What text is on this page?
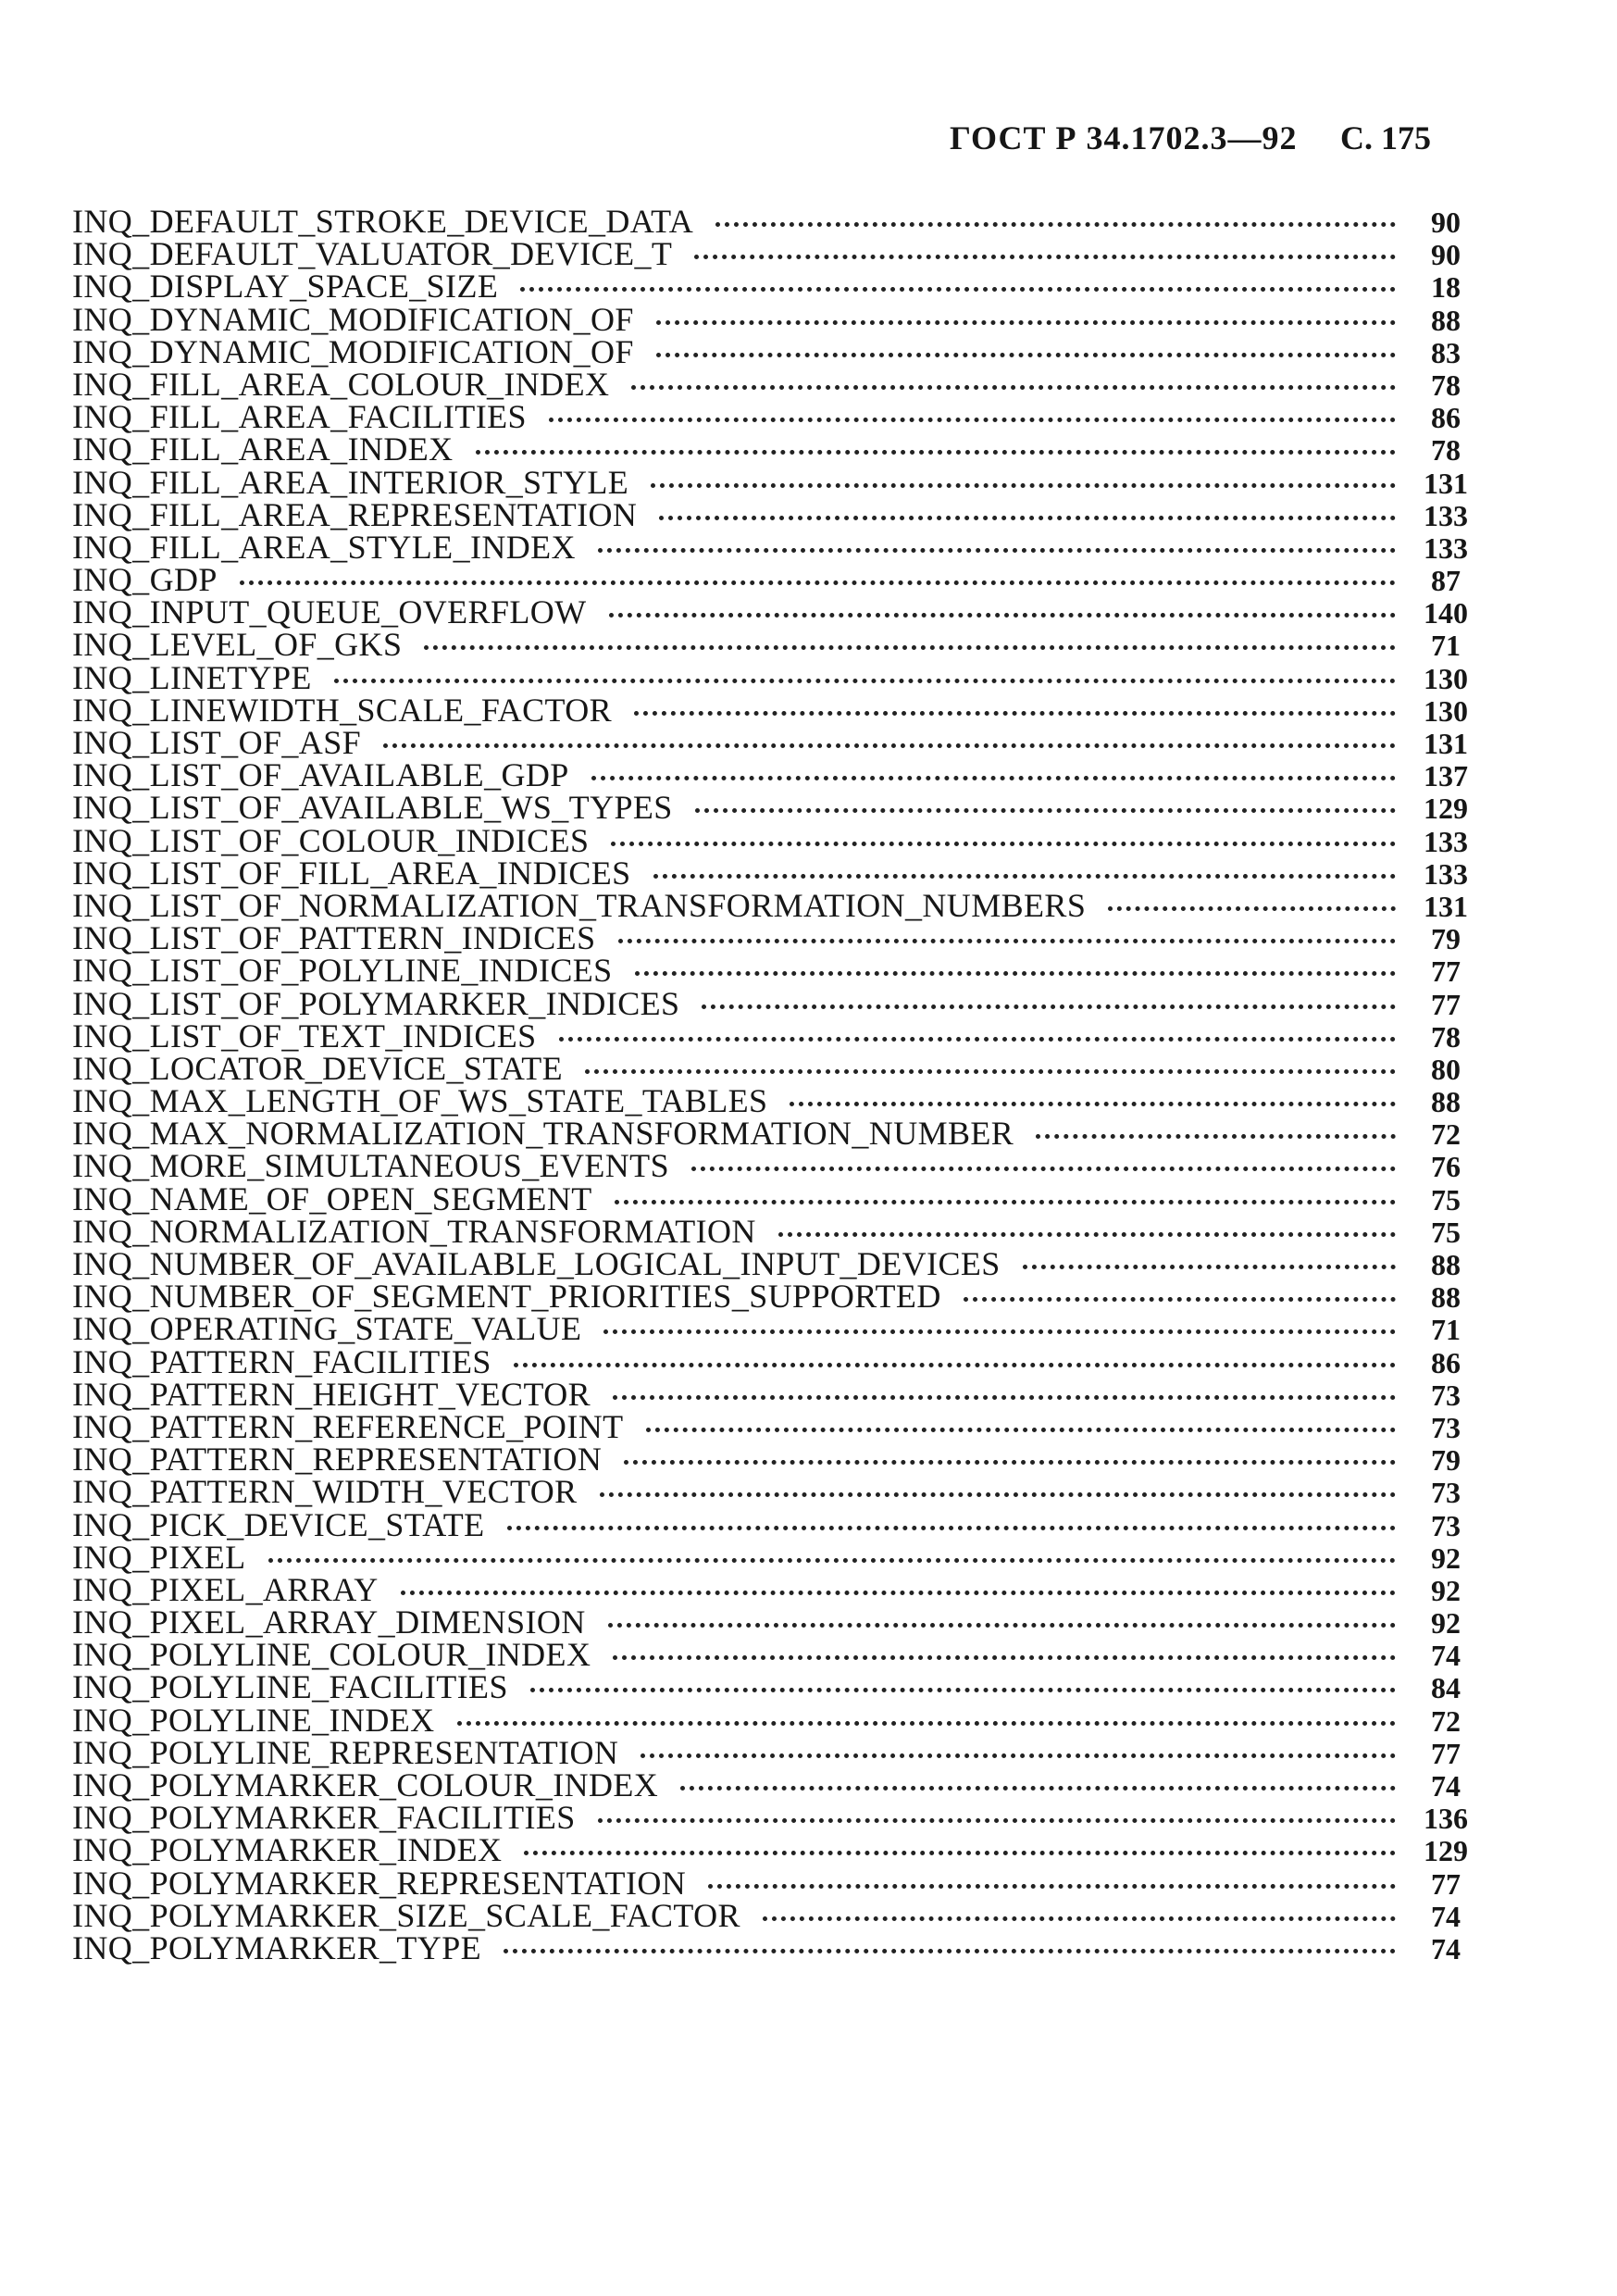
ГОСТ Р 34.1702.3—92 С. 175
INQ_DEFAULT_STROKE_DEVICE_DATA	90
INQ_DEFAULT_VALUATOR_DEVICE_T	90
INQ_DISPLAY_SPACE_SIZE	18
INQ_DYNAMIC_MODIFICATION_OF	88
INQ_DYNAMIC_MODIFICATION_OF	83
INQ_FILL_AREA_COLOUR_INDEX	78
INQ_FILL_AREA_FACILITIES	86
INQ_FILL_AREA_INDEX	78
INQ_FILL_AREA_INTERIOR_STYLE	131
INQ_FILL_AREA_REPRESENTATION	133
INQ_FILL_AREA_STYLE_INDEX	133
INQ_GDP	87
INQ_INPUT_QUEUE_OVERFLOW	140
INQ_LEVEL_OF_GKS	71
INQ_LINETYPE	130
INQ_LINEWIDTH_SCALE_FACTOR	130
INQ_LIST_OF_ASF	131
INQ_LIST_OF_AVAILABLE_GDP	137
INQ_LIST_OF_AVAILABLE_WS_TYPES	129
INQ_LIST_OF_COLOUR_INDICES	133
INQ_LIST_OF_FILL_AREA_INDICES	133
INQ_LIST_OF_NORMALIZATION_TRANSFORMATION_NUMBERS	131
INQ_LIST_OF_PATTERN_INDICES	79
INQ_LIST_OF_POLYLINE_INDICES	77
INQ_LIST_OF_POLYMARKER_INDICES	77
INQ_LIST_OF_TEXT_INDICES	78
INQ_LOCATOR_DEVICE_STATE	80
INQ_MAX_LENGTH_OF_WS_STATE_TABLES	88
INQ_MAX_NORMALIZATION_TRANSFORMATION_NUMBER	72
INQ_MORE_SIMULTANEOUS_EVENTS	76
INQ_NAME_OF_OPEN_SEGMENT	75
INQ_NORMALIZATION_TRANSFORMATION	75
INQ_NUMBER_OF_AVAILABLE_LOGICAL_INPUT_DEVICES	88
INQ_NUMBER_OF_SEGMENT_PRIORITIES_SUPPORTED	88
INQ_OPERATING_STATE_VALUE	71
INQ_PATTERN_FACILITIES	86
INQ_PATTERN_HEIGHT_VECTOR	73
INQ_PATTERN_REFERENCE_POINT	73
INQ_PATTERN_REPRESENTATION	79
INQ_PATTERN_WIDTH_VECTOR	73
INQ_PICK_DEVICE_STATE	73
INQ_PIXEL	92
INQ_PIXEL_ARRAY	92
INQ_PIXEL_ARRAY_DIMENSION	92
INQ_POLYLINE_COLOUR_INDEX	74
INQ_POLYLINE_FACILITIES	84
INQ_POLYLINE_INDEX	72
INQ_POLYLINE_REPRESENTATION	77
INQ_POLYMARKER_COLOUR_INDEX	74
INQ_POLYMARKER_FACILITIES	136
INQ_POLYMARKER_INDEX	129
INQ_POLYMARKER_REPRESENTATION	77
INQ_POLYMARKER_SIZE_SCALE_FACTOR	74
INQ_POLYMARKER_TYPE	74
